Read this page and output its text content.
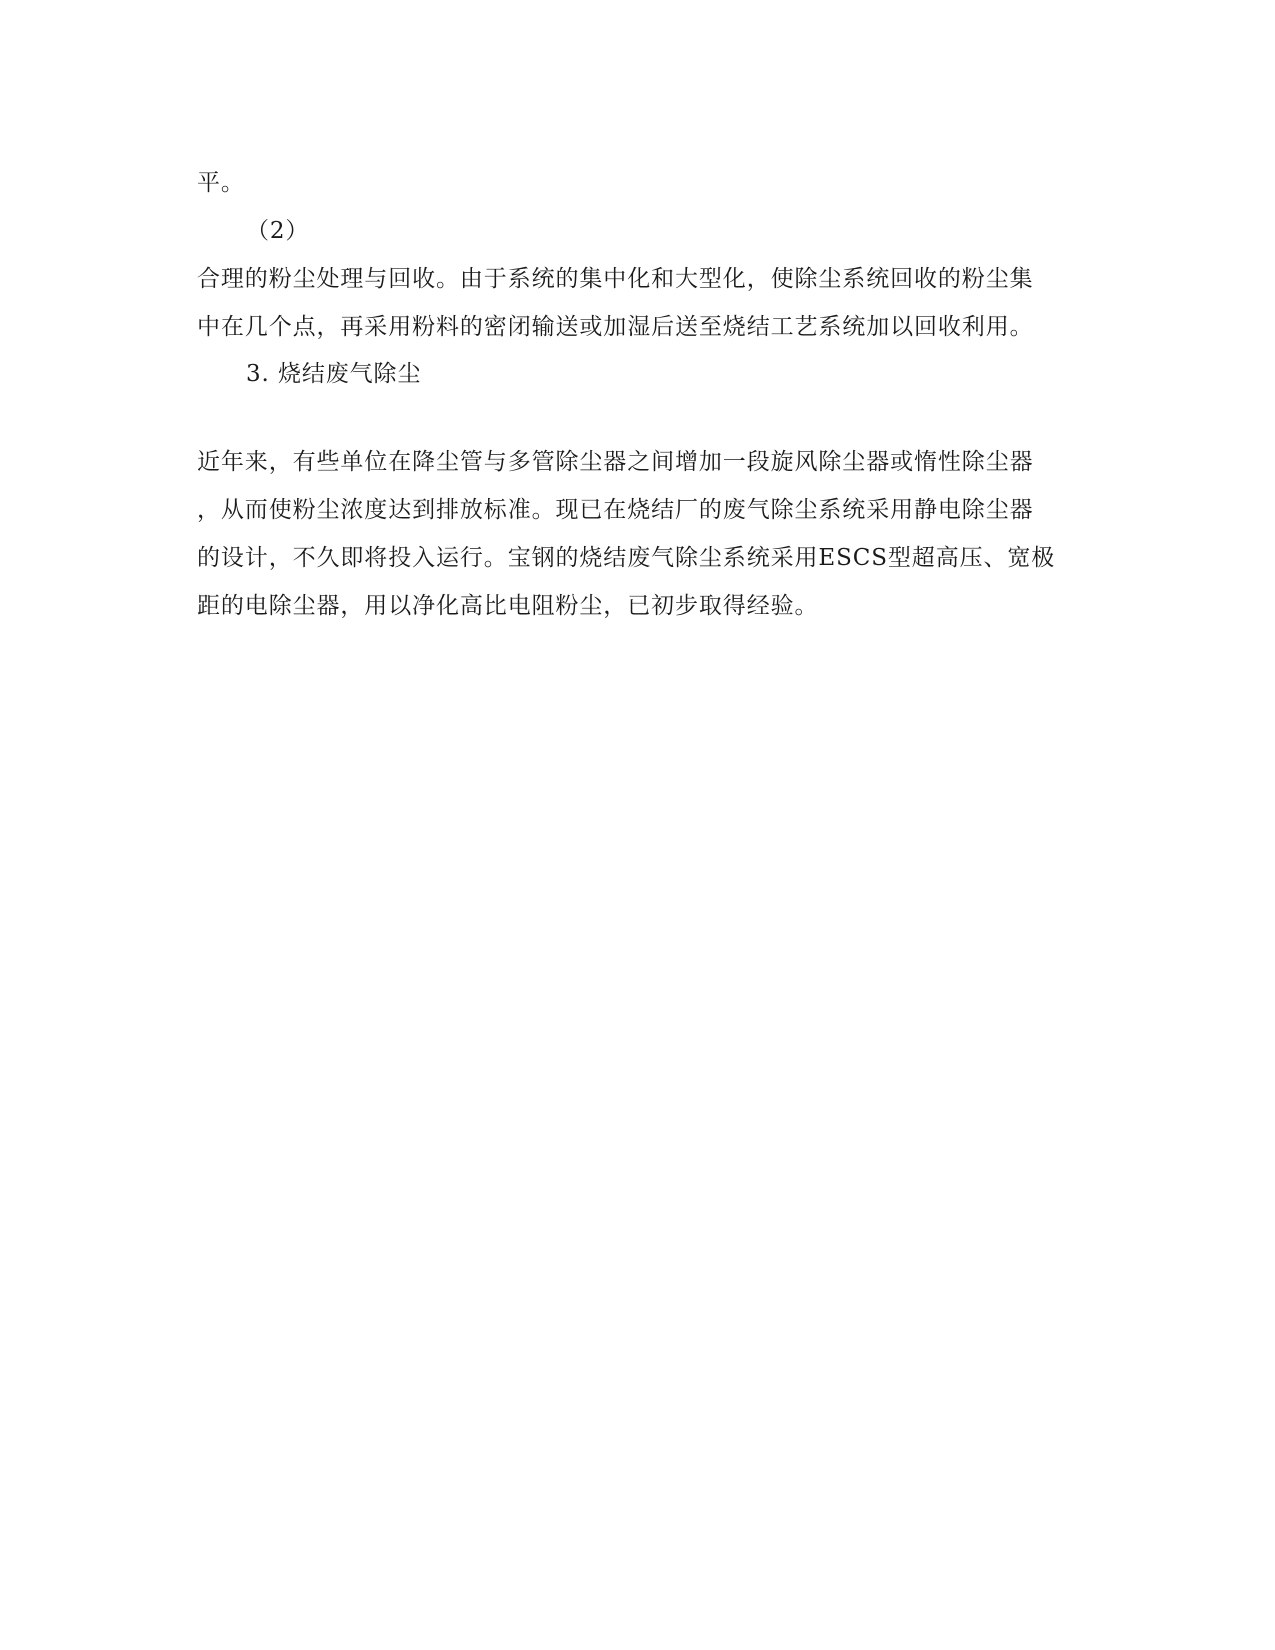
平。
（2）
合理的粉尘处理与回收。由于系统的集中化和大型化，使除尘系统回收的粉尘集
中在几个点，再采用粉料的密闭输送或加湿后送至烧结工艺系统加以回收利用。
3. 烧结废气除尘
近年来，有些单位在降尘管与多管除尘器之间增加一段旋风除尘器或惰性除尘器
，从而使粉尘浓度达到排放标准。现已在烧结厂的废气除尘系统采用静电除尘器
的设计，不久即将投入运行。宝钢的烧结废气除尘系统采用ESCS型超高压、宽极
距的电除尘器，用以净化高比电阻粉尘，已初步取得经验。
